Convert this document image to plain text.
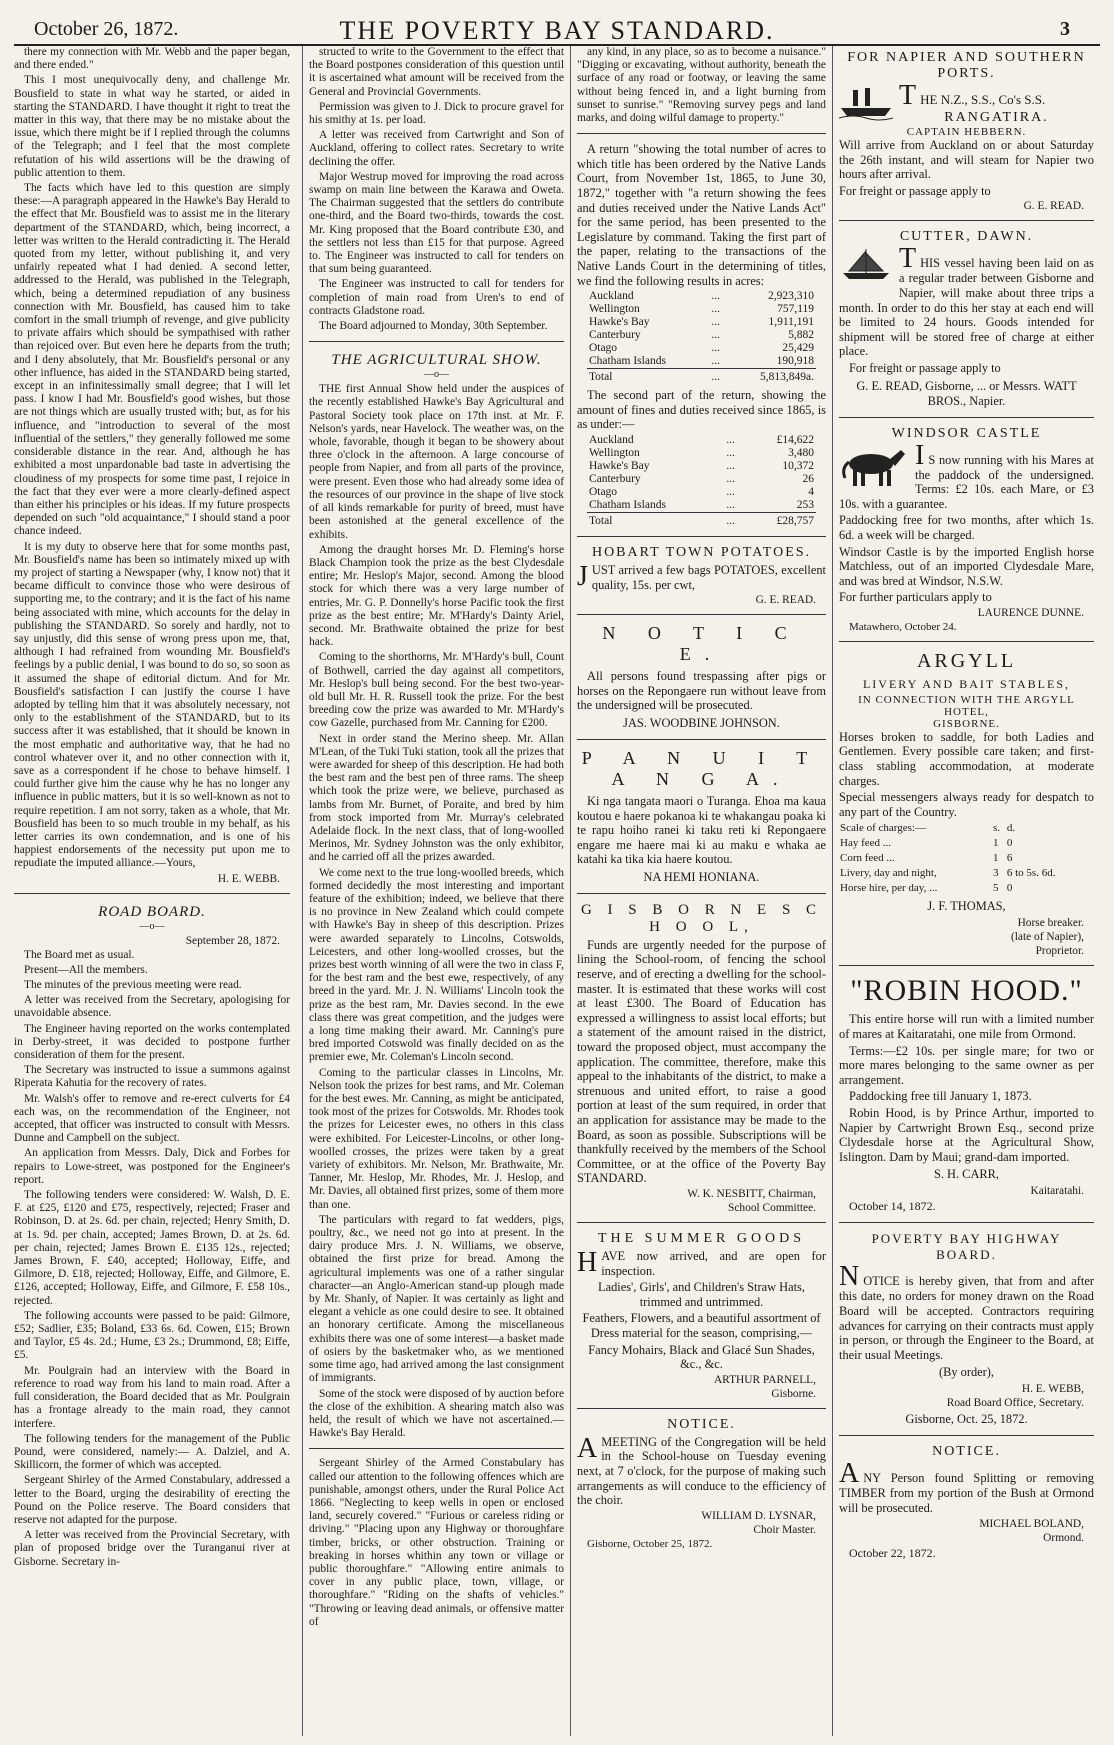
October 26, 1872.	THE POVERTY BAY STANDARD.	3

there my connection with Mr. Webb and the paper began, and there ended."

This I most unequivocally deny, and challenge Mr. Bousfield to state in what way he started, or aided in starting the STANDARD. I have thought it right to treat the matter in this way, that there may be no mistake about the issue, which there might be if I replied through the columns of the Telegraph; and I feel that the most complete refutation of his wild assertions will be the drawing of public attention to them.

The facts which have led to this question are simply these:—A paragraph appeared in the Hawke's Bay Herald to the effect that Mr. Bousfield was to assist me in the literary department of the STANDARD, which, being incorrect, a letter was written to the Herald contradicting it. The Herald quoted from my letter, without publishing it, and very unfairly repeated what I had denied. A second letter, addressed to the Herald, was published in the Telegraph, which, being a determined repudiation of any business connection with Mr. Bousfield, has caused him to take comfort in the small triumph of revenge, and give publicity to private affairs which should be sympathised with rather than rejoiced over. But even here he departs from the truth; and I deny absolutely, that Mr. Bousfield's personal or any other influence, has aided in the STANDARD being started, except in an infinitessimally small degree; that I will let pass. I know I had Mr. Bousfield's good wishes, but those are not things which are usually trusted with; but, as for his influence, and "introduction to several of the most influential of the settlers," they generally followed me some considerable distance in the rear. And, although he has exhibited a most unpardonable bad taste in advertising the cloudiness of my prospects for some time past, I rejoice in the fact that they ever were a more clearly-defined aspect than either his principles or his ideas. If my future prospects depended on such "old acquaintance," I should stand a poor chance indeed.

It is my duty to observe here that for some months past, Mr. Bousfield's name has been so intimately mixed up with my project of starting a Newspaper (why, I know not) that it became difficult to convince those who were desirous of supporting me, to the contrary; and it is the fact of his name being associated with mine, which accounts for the delay in publishing the STANDARD. So sorely and hardly, not to say unjustly, did this sense of wrong press upon me, that, although I had refrained from wounding Mr. Bousfield's feelings by a public denial, I was bound to do so, so soon as it assumed the shape of editorial dictum. And for Mr. Bousfield's satisfaction I can justify the course I have adopted by telling him that it was absolutely necessary, not only to the establishment of the STANDARD, but to its success after it was established, that it should be known in the most emphatic and authoritative way, that he had no control whatever over it, and no other connection with it, save as a correspondent if he chose to behave himself. I could further give him the cause why he has no longer any influence in public matters, but it is so well-known as not to require repetition. I am not sorry, taken as a whole, that Mr. Bousfield has been to so much trouble in my behalf, as his letter carries its own condemnation, and is one of his happiest endorsements of the necessity put upon me to repudiate the imputed alliance.—Yours,

H. E. WEBB.
ROAD BOARD.
—o—
September 28, 1872.

The Board met as usual.

Present—All the members.

The minutes of the previous meeting were read.

A letter was received from the Secretary, apologising for unavoidable absence.

The Engineer having reported on the works contemplated in Derby-street, it was decided to postpone further consideration of them for the present.

The Secretary was instructed to issue a summons against Riperata Kahutia for the recovery of rates.

Mr. Walsh's offer to remove and re-erect culverts for £4 each was, on the recommendation of the Engineer, not accepted, that officer was instructed to consult with Messrs. Dunne and Campbell on the subject.

An application from Messrs. Daly, Dick and Forbes for repairs to Lowe-street, was postponed for the Engineer's report.

The following tenders were considered: W. Walsh, D. E. F. at £25, £120 and £75, respectively, rejected; Fraser and Robinson, D. at 2s. 6d. per chain, rejected; Henry Smith, D. at 1s. 9d. per chain, accepted; James Brown, D. at 2s. 6d. per chain, rejected; James Brown E. £135 12s., rejected; James Brown, F. £40, accepted; Holloway, Eiffe, and Gilmore, D. £18, rejected; Holloway, Eiffe, and Gilmore, E. £126, accepted; Holloway, Eiffe, and Gilmore, F. £58 10s., rejected.

The following accounts were passed to be paid: Gilmore, £52; Sadlier, £35; Boland, £33 6s. 6d. Cowen, £15; Brown and Taylor, £5 4s. 2d.; Hume, £3 2s.; Drummond, £8; Eiffe, £5.

Mr. Poulgrain had an interview with the Board in reference to road way from his land to main road. After a full consideration, the Board decided that as Mr. Poulgrain has a frontage already to the main road, they cannot interfere.

The following tenders for the management of the Public Pound, were considered, namely:— A. Dalziel, and A. Skillicorn, the former of which was accepted.

Sergeant Shirley of the Armed Constabulary, addressed a letter to the Board, urging the desirability of erecting the Pound on the Police reserve. The Board considers that reserve not adapted for the purpose.

A letter was received from the Provincial Secretary, with plan of proposed bridge over the Turanganui river at Gisborne. Secretary in-

structed to write to the Government to the effect that the Board postpones consideration of this question until it is ascertained what amount will be received from the General and Provincial Governments.

Permission was given to J. Dick to procure gravel for his smithy at 1s. per load.

A letter was received from Cartwright and Son of Auckland, offering to collect rates. Secretary to write declining the offer.

Major Westrup moved for improving the road across swamp on main line between the Karawa and Oweta. The Chairman suggested that the settlers do contribute one-third, and the Board two-thirds, towards the cost. Mr. King proposed that the Board contribute £30, and the settlers not less than £15 for that purpose. Agreed to. The Engineer was instructed to call for tenders on that sum being guaranteed.

The Engineer was instructed to call for tenders for completion of main road from Uren's to end of contracts Gladstone road.

The Board adjourned to Monday, 30th September.

THE AGRICULTURAL SHOW.
—o—

THE first Annual Show held under the auspices of the recently established Hawke's Bay Agricultural and Pastoral Society took place on 17th inst. at Mr. F. Nelson's yards, near Havelock. The weather was, on the whole, favorable, though it began to be showery about three o'clock in the afternoon. A large concourse of people from Napier, and from all parts of the province, were present. Even those who had already some idea of the resources of our province in the shape of live stock of all kinds remarkable for purity of breed, must have been astonished at the general excellence of the exhibits.

Among the draught horses Mr. D. Fleming's horse Black Champion took the prize as the best Clydesdale entire; Mr. Heslop's Major, second. Among the blood stock for which there was a very large number of entries, Mr. G. P. Donnelly's horse Pacific took the first prize as the best entire; Mr. M'Hardy's Dainty Ariel, second. Mr. Brathwaite obtained the prize for best hack.

Coming to the shorthorns, Mr. M'Hardy's bull, Count of Bothwell, carried the day against all competitors, Mr. Heslop's bull being second. For the best two-year-old bull Mr. H. R. Russell took the prize. For the best breeding cow the prize was awarded to Mr. M'Hardy's cow Gazelle, purchased from Mr. Canning for £200.

Next in order stand the Merino sheep. Mr. Allan M'Lean, of the Tuki Tuki station, took all the prizes that were awarded for sheep of this description. He had both the best ram and the best pen of three rams. The sheep which took the prize were, we believe, purchased as lambs from Mr. Burnet, of Poraite, and bred by him from stock imported from Mr. Murray's celebrated Adelaide flock. In the next class, that of long-woolled Merinos, Mr. Sydney Johnston was the only exhibitor, and he carried off all the prizes awarded.

We come next to the true long-woolled breeds, which formed decidedly the most interesting and important feature of the exhibition; indeed, we believe that there is no province in New Zealand which could compete with Hawke's Bay in sheep of this description. Prizes were awarded separately to Lincolns, Cotswolds, Leicesters, and other long-woolled crosses, but the prizes best worth winning of all were the two in class F, for the best ram and the best ewe, respectively, of any breed in the yard. Mr. J. N. Williams' Lincoln took the prize as the best ram, Mr. Davies second. In the ewe class there was great competition, and the judges were a long time making their award. Mr. Canning's pure bred imported Cotswold was finally decided on as the premier ewe, Mr. Coleman's Lincoln second.

Coming to the particular classes in Lincolns, Mr. Nelson took the prizes for best rams, and Mr. Coleman for the best ewes. Mr. Canning, as might be anticipated, took most of the prizes for Cotswolds. Mr. Rhodes took the prizes for Leicester ewes, no others in this class were exhibited. For Leicester-Lincolns, or other long-woolled crosses, the prizes were taken by a great variety of exhibitors. Mr. Nelson, Mr. Brathwaite, Mr. Tanner, Mr. Heslop, Mr. Rhodes, Mr. J. Heslop, and Mr. Davies, all obtained first prizes, some of them more than one.

The particulars with regard to fat wedders, pigs, poultry, &c., we need not go into at present. In the dairy produce Mrs. J. N. Williams, we observe, obtained the first prize for bread. Among the agricultural implements was one of a rather singular character—an Anglo-American stand-up plough made by Mr. Shanly, of Napier. It was certainly as light and elegant a vehicle as one could desire to see. It obtained an honorary certificate. Among the miscellaneous exhibits there was one of some interest—a basket made of osiers by the basketmaker who, as we mentioned some time ago, had arrived among the last consignment of immigrants.

Some of the stock were disposed of by auction before the close of the exhibition. A shearing match also was held, the result of which we have not ascertained.—Hawke's Bay Herald.

Sergeant Shirley of the Armed Constabulary has called our attention to the following offences which are punishable, amongst others, under the Rural Police Act 1866. "Neglecting to keep wells in open or enclosed land, securely covered." "Furious or careless riding or driving." "Placing upon any Highway or thoroughfare timber, bricks, or other obstruction. Training or breaking in horses whithin any town or village or public thoroughfare." "Allowing entire animals to cover in any public place, town, village, or thoroughfare." "Riding on the shafts of vehicles." "Throwing or leaving dead animals, or offensive matter of

any kind, in any place, so as to become a nuisance." "Digging or excavating, without authority, beneath the surface of any road or footway, or leaving the same without being fenced in, and a light burning from sunset to sunrise." "Removing survey pegs and land marks, and doing wilful damage to property."

A return "showing the total number of acres to which title has been ordered by the Native Lands Court, from November 1st, 1865, to June 30, 1872," together with "a return showing the fees and duties received under the Native Lands Act" for the same period, has been presented to the Legislature by command. Taking the first part of the paper, relating to the transactions of the Native Lands Court in the determining of titles, we find the following results in acres:

Auckland	...	2,923,310
Wellington	...	757,119
Hawke's Bay	...	1,911,191
Canterbury	...	5,882
Otago	...	25,429
Chatham Islands	...	190,918
Total	...	5,813,849a.

The second part of the return, showing the amount of fines and duties received since 1865, is as under:—

Auckland	...	£14,622
Wellington	...	3,480
Hawke's Bay	...	10,372
Canterbury	...	26
Otago	...	4
Chatham Islands	...	253
Total	...	£28,757
HOBART TOWN POTATOES.

JUST arrived a few bags POTATOES, excellent quality, 15s. per cwt,

G. E. READ.
N O T I C E.

All persons found trespassing after pigs or horses on the Repongaere run without leave from the undersigned will be prosecuted.

JAS. WOODBINE JOHNSON.
P A N U I T A N G A.

Ki nga tangata maori o Turanga. Ehoa ma kaua koutou e haere pokanoa ki te whakangau poaka ki te rapu hoiho ranei ki taku reti ki Repongaere engare me haere mai ki au maku e whaka ae katahi ka tika kia haere koutou.

NA HEMI HONIANA.
G I S B O R N E S C H O O L,

Funds are urgently needed for the purpose of lining the School-room, of fencing the school reserve, and of erecting a dwelling for the school-master. It is estimated that these works will cost at least £300. The Board of Education has expressed a willingness to assist local efforts; but a statement of the amount raised in the district, toward the proposed object, must accompany the application. The committee, therefore, make this appeal to the inhabitants of the district, to make a strenuous and united effort, to raise a good portion at least of the sum required, in order that an application for assistance may be made to the Board, as soon as possible. Subscriptions will be thankfully received by the members of the School Committee, or at the office of the Poverty Bay STANDARD.

W. K. NESBITT, Chairman,
School Committee.
THE SUMMER GOODS

HAVE now arrived, and are open for inspection.

Ladies', Girls', and Children's Straw Hats, trimmed and untrimmed.

Feathers, Flowers, and a beautiful assortment of Dress material for the season, comprising,—

Fancy Mohairs, Black and Glacé Sun Shades, &c., &c.

ARTHUR PARNELL,
Gisborne.
NOTICE.

AMEETING of the Congregation will be held in the School-house on Tuesday evening next, at 7 o'clock, for the purpose of making such arrangements as will conduce to the efficiency of the choir.

WILLIAM D. LYSNAR,
Choir Master.
Gisborne, October 25, 1872.
FOR NAPIER AND SOUTHERN PORTS.

THE N.Z., S.S., Co's S.S.

RANGATIRA.
CAPTAIN HEBBERN.

Will arrive from Auckland on or about Saturday the 26th instant, and will steam for Napier two hours after arrival.

For freight or passage apply to

G. E. READ.
CUTTER, DAWN.

THIS vessel having been laid on as a regular trader between Gisborne and Napier, will make about three trips a month. In order to do this her stay at each end will be limited to 24 hours. Goods intended for shipment will be stored free of charge at either place.

For freight or passage apply to

G. E. READ, Gisborne, ... or Messrs. WATT BROS., Napier.
WINDSOR CASTLE

I S now running with his Mares at the paddock of the undersigned. Terms: £2 10s. each Mare, or £3 10s. with a guarantee.

Paddocking free for two months, after which 1s. 6d. a week will be charged.

Windsor Castle is by the imported English horse Matchless, out of an imported Clydesdale Mare, and was bred at Windsor, N.S.W.

For further particulars apply to

LAURENCE DUNNE.
Matawhero, October 24.
ARGYLL
LIVERY AND BAIT STABLES,
IN CONNECTION WITH THE ARGYLL HOTEL,
GISBORNE.

Horses broken to saddle, for both Ladies and Gentlemen. Every possible care taken; and first-class stabling accommodation, at moderate charges.

Special messengers always ready for despatch to any part of the Country.

Scale of charges:—	s.	d.
Hay feed ...	1	0
Corn feed ...	1	6
Livery, day and night,	3	6 to 5s. 6d.
Horse hire, per day, ...	5	0
J. F. THOMAS,
Horse breaker.
(late of Napier),
Proprietor.
"ROBIN HOOD."

This entire horse will run with a limited number of mares at Kaitaratahi, one mile from Ormond.

Terms:—£2 10s. per single mare; for two or more mares belonging to the same owner as per arrangement.

Paddocking free till January 1, 1873.

Robin Hood, is by Prince Arthur, imported to Napier by Cartwright Brown Esq., second prize Clydesdale horse at the Agricultural Show, Islington. Dam by Maui; grand-dam imported.

S. H. CARR,
Kaitaratahi.
October 14, 1872.
POVERTY BAY HIGHWAY BOARD.

NOTICE is hereby given, that from and after this date, no orders for money drawn on the Road Board will be accepted. Contractors requiring advances for carrying on their contracts must apply in person, or through the Engineer to the Board, at their usual Meetings.

(By order),
H. E. WEBB,
Road Board Office, Secretary.
Gisborne, Oct. 25, 1872.
NOTICE.

ANY Person found Splitting or removing TIMBER from my portion of the Bush at Ormond will be prosecuted.

MICHAEL BOLAND,
Ormond.
October 22, 1872.
